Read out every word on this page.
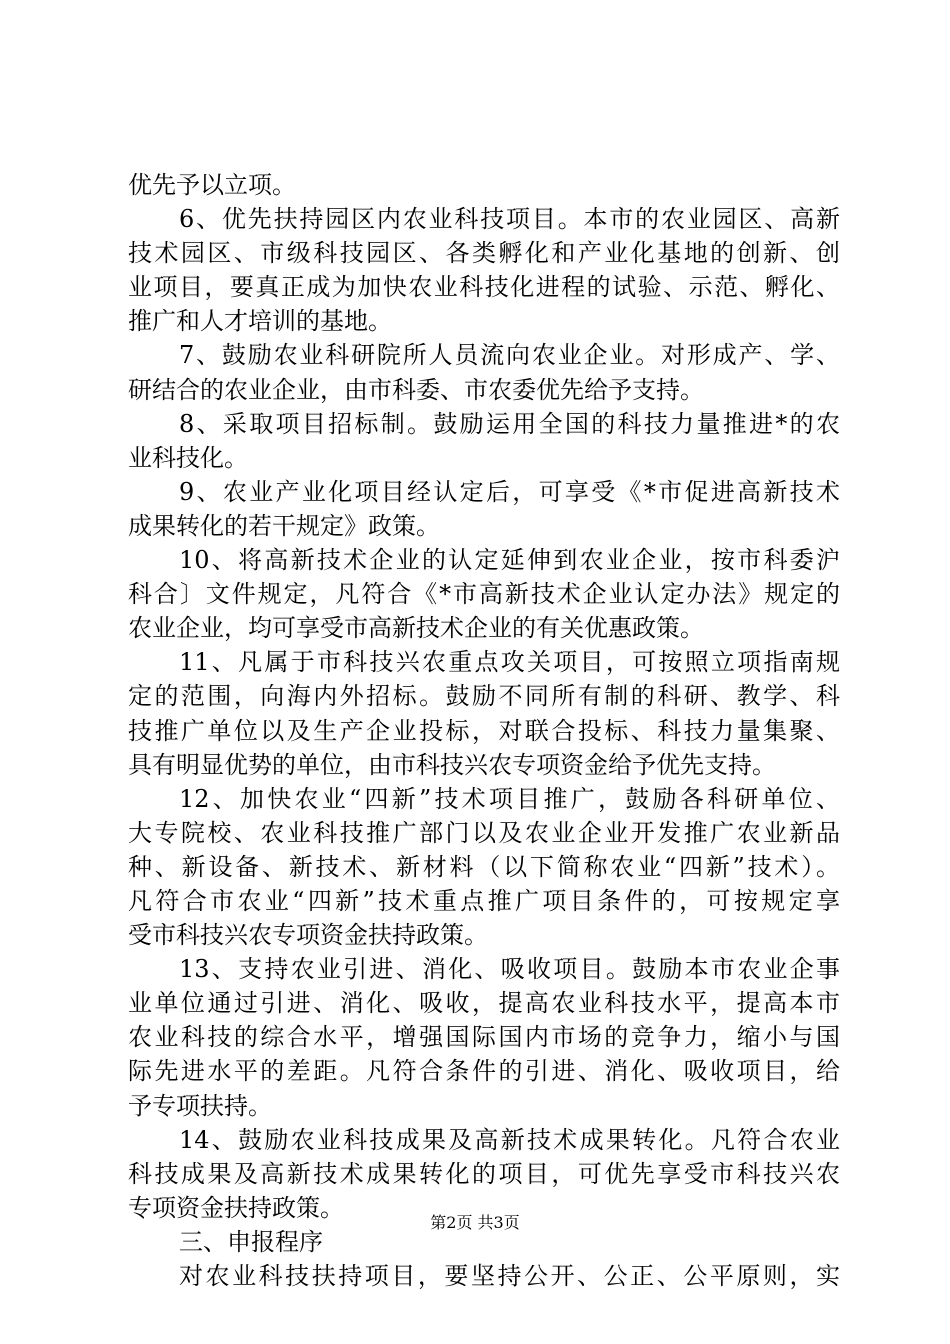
优先予以立项。
6、优先扶持园区内农业科技项目。本市的农业园区、高新
技术园区、市级科技园区、各类孵化和产业化基地的创新、创
业项目，要真正成为加快农业科技化进程的试验、示范、孵化、
推广和人才培训的基地。
7、鼓励农业科研院所人员流向农业企业。对形成产、学、
研结合的农业企业，由市科委、市农委优先给予支持。
8、采取项目招标制。鼓励运用全国的科技力量推进*的农
业科技化。
9、农业产业化项目经认定后，可享受《*市促进高新技术
成果转化的若干规定》政策。
10、将高新技术企业的认定延伸到农业企业，按市科委沪
科合〕文件规定，凡符合《*市高新技术企业认定办法》规定的
农业企业，均可享受市高新技术企业的有关优惠政策。
11、凡属于市科技兴农重点攻关项目，可按照立项指南规
定的范围，向海内外招标。鼓励不同所有制的科研、教学、科
技推广单位以及生产企业投标，对联合投标、科技力量集聚、
具有明显优势的单位，由市科技兴农专项资金给予优先支持。
12、加快农业“四新”技术项目推广，鼓励各科研单位、
大专院校、农业科技推广部门以及农业企业开发推广农业新品
种、新设备、新技术、新材料（以下简称农业“四新”技术）。
凡符合市农业“四新”技术重点推广项目条件的，可按规定享
受市科技兴农专项资金扶持政策。
13、支持农业引进、消化、吸收项目。鼓励本市农业企事
业单位通过引进、消化、吸收，提高农业科技水平，提高本市
农业科技的综合水平，增强国际国内市场的竞争力，缩小与国
际先进水平的差距。凡符合条件的引进、消化、吸收项目，给
予专项扶持。
14、鼓励农业科技成果及高新技术成果转化。凡符合农业
科技成果及高新技术成果转化的项目，可优先享受市科技兴农
专项资金扶持政策。
三、申报程序
对农业科技扶持项目，要坚持公开、公正、公平原则，实
第2页 共3页
